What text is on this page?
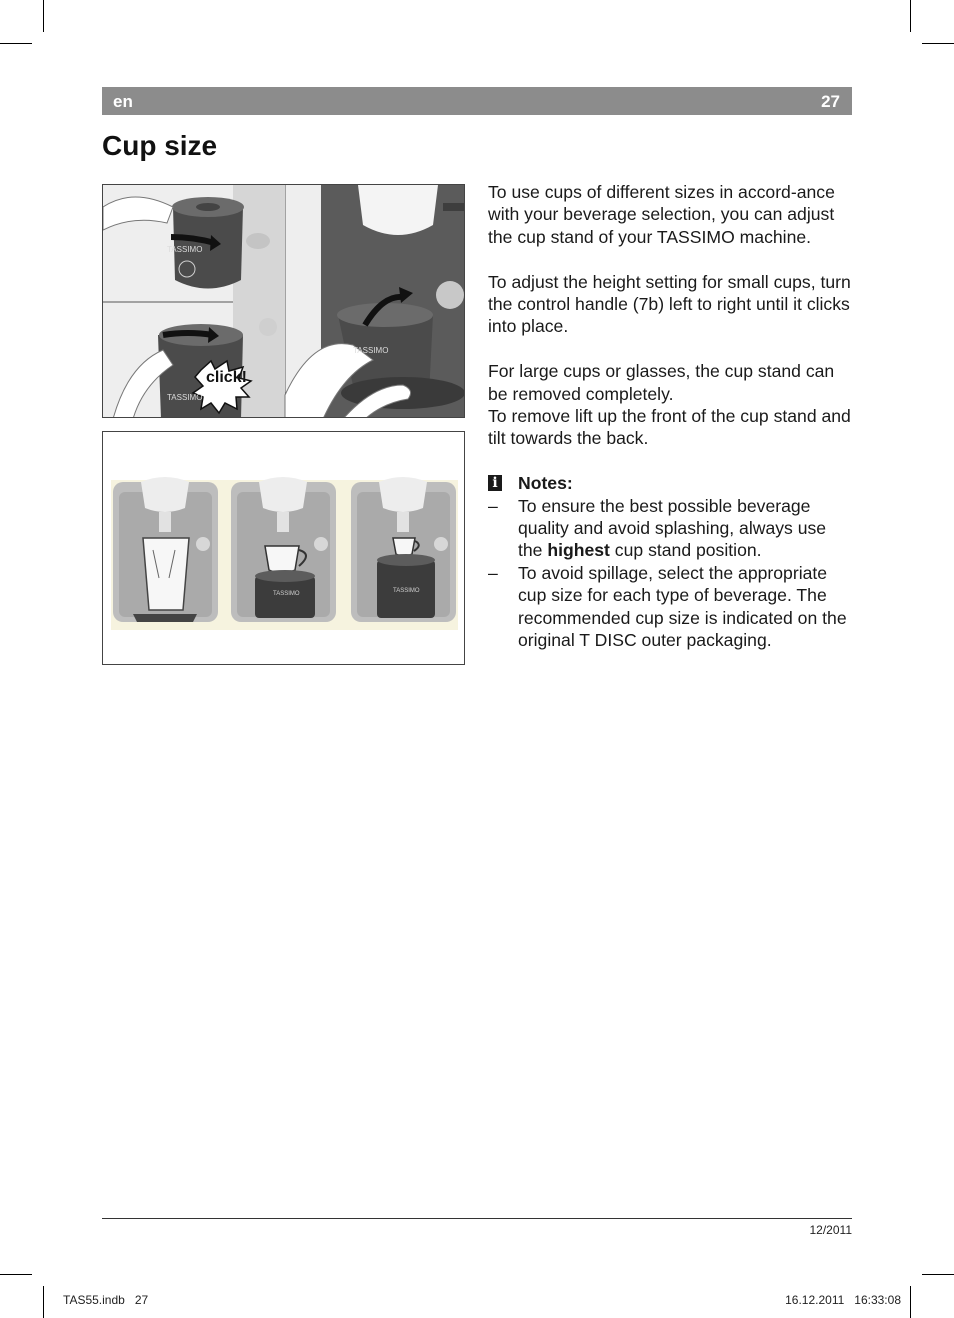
en	27
Cup size
TASSIMO
click!
TASSIMO
TASSIMO
TASSIMO	TASSIMO

To use cups of different sizes in accord-ance with your beverage selection, you can adjust the cup stand of your TASSIMO machine.

To adjust the height setting for small cups, turn the control handle (7b) left to right until it clicks into place.

For large cups or glasses, the cup stand can be removed completely.

To remove lift up the front of the cup stand and tilt towards the back.

i Notes:
– To ensure the best possible beverage quality and avoid splashing, always use the highest cup stand position.
– To avoid spillage, select the appropriate cup size for each type of beverage. The recommended cup size is indicated on the original T DISC outer packaging.
12/2011
TAS55.indb   27	16.12.2011 16:33:08
